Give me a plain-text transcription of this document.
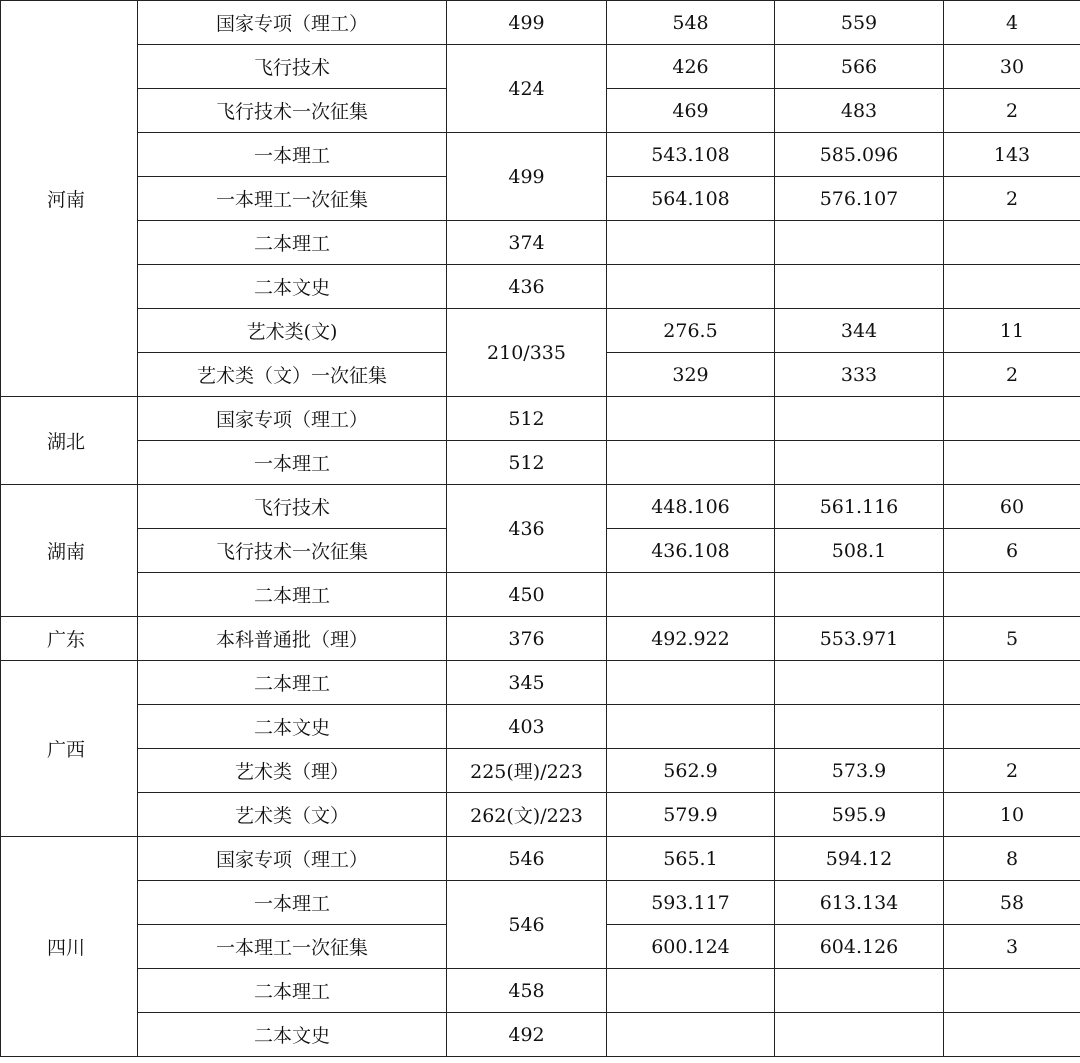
河南	国家专项（理工）	499	548	559	4
	飞行技术	424	426	566	30
	飞行技术一次征集		469	483	2
	一本理工	499	543.108	585.096	143
	一本理工一次征集		564.108	576.107	2
	二本理工	374			
	二本文史	436			
	艺术类(文)	210/335	276.5	344	11
	艺术类（文）一次征集		329	333	2
湖北	国家专项（理工）	512			
	一本理工	512			
湖南	飞行技术	436	448.106	561.116	60
	飞行技术一次征集		436.108	508.1	6
	二本理工	450			
广东	本科普通批（理）	376	492.922	553.971	5
广西	二本理工	345			
	二本文史	403			
	艺术类（理）	225(理)/223	562.9	573.9	2
	艺术类（文）	262(文)/223	579.9	595.9	10
四川	国家专项（理工）	546	565.1	594.12	8
	一本理工	546	593.117	613.134	58
	一本理工一次征集		600.124	604.126	3
	二本理工	458			
	二本文史	492			
